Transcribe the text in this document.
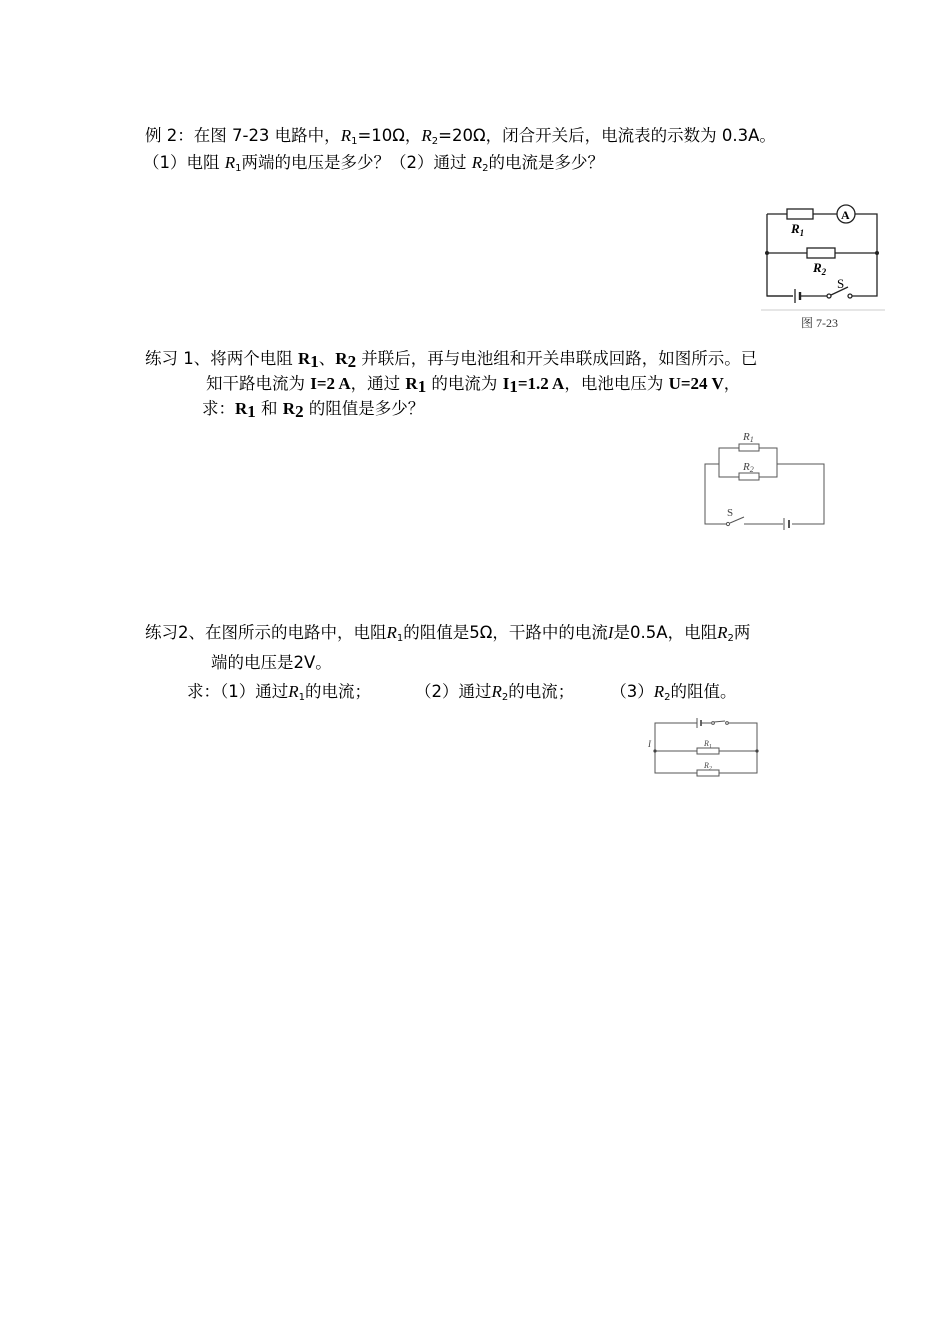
例 2：在图 7-23 电路中，$R_1=10\Omega$，$R_2=20\Omega$，闭合开关后，电流表的示数为 0.3A。
（1）电阻 $R_1$两端的电压是多少？（2）通过 $R_2$的电流是多少？
$R_1$
$R_2$
A
S
图 7-23
练习 1、将两个电阻 $R_1$、$R_2$ 并联后，再与电池组和开关串联成回路，如图所示。已
知干路电流为 I=2 A，通过 $R_1$ 的电流为 $I_1=1.2$ A，电池电压为 U=24 V，
求：$R_1$ 和 $R_2$ 的阻值是多少？
R1
R2
S
练习2、在图所示的电路中，电阻$R_1$的阻值是5Ω，干路中的电流I是0.5A，电阻$R_2$两
端的电压是2V。
求：（1）通过$R_1$的电流；	（2）通过$R_2$的电流； $(3)R_2$的阻值。
I	$R_1$
$R_2$
